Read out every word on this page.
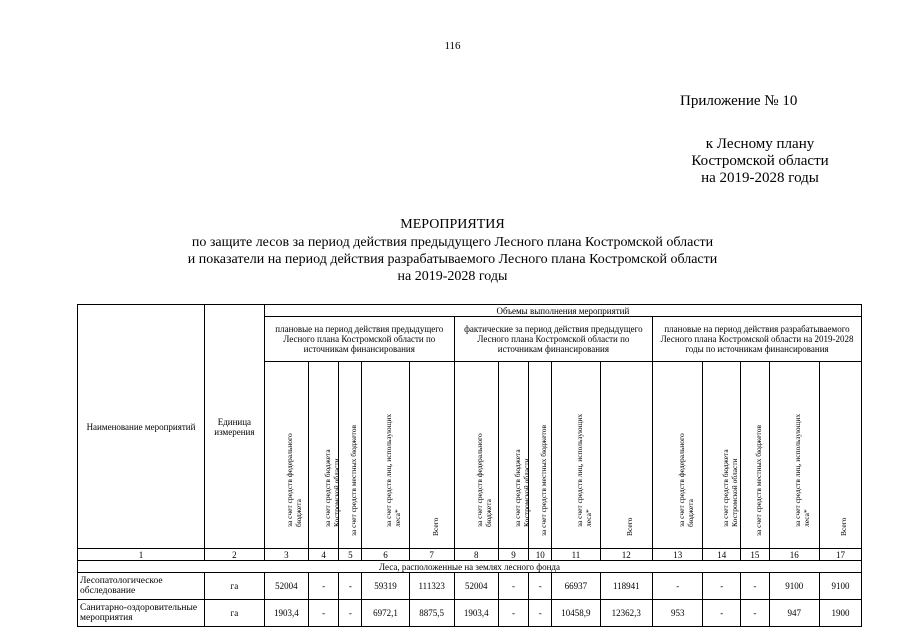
116
Приложение № 10
к Лесному плану
Костромской области
на 2019-2028 годы
МЕРОПРИЯТИЯ
по защите лесов за период действия предыдущего Лесного плана Костромской области
и показатели на период действия разрабатываемого Лесного плана Костромской области
на 2019-2028 годы
Наименование мероприятий	Единица измерения	Объемы выполнения мероприятий														
		плановые на период действия предыдущего Лесного плана Костромской области по источникам финансирования					фактические за период действия предыдущего Лесного плана Костромской области по источникам финансирования					плановые на период действия разрабатываемого Лесного плана Костромской области на 2019-2028 годы по источникам финансирования				

		за счет средств федерального бюджета	за счет средств бюджета Костромской области	за счет средств местных бюджетов	за счет средств лиц, использующих леса*	Всего	за счет средств федерального бюджета	за счет средств бюджета Костромской области	за счет средств местных бюджетов	за счет средств лиц, использующих леса*	Всего	за счет средств федерального бюджета	за счет средств бюджета Костромской области	за счет средств местных бюджетов	за счет средств лиц, использующих леса*	Всего

1	2	3	4	5	6	7	8	9	10	11	12	13	14	15	16	17
Леса, расположенные на землях лесного фонда																
Лесопатологическое обследование	га	52004	-	-	59319	111323	52004	-	-	66937	118941	-	-	-	9100	9100
Санитарно-оздоровительные мероприятия	га	1903,4	-	-	6972,1	8875,5	1903,4	-	-	10458,9	12362,3	953	-	-	947	1900
